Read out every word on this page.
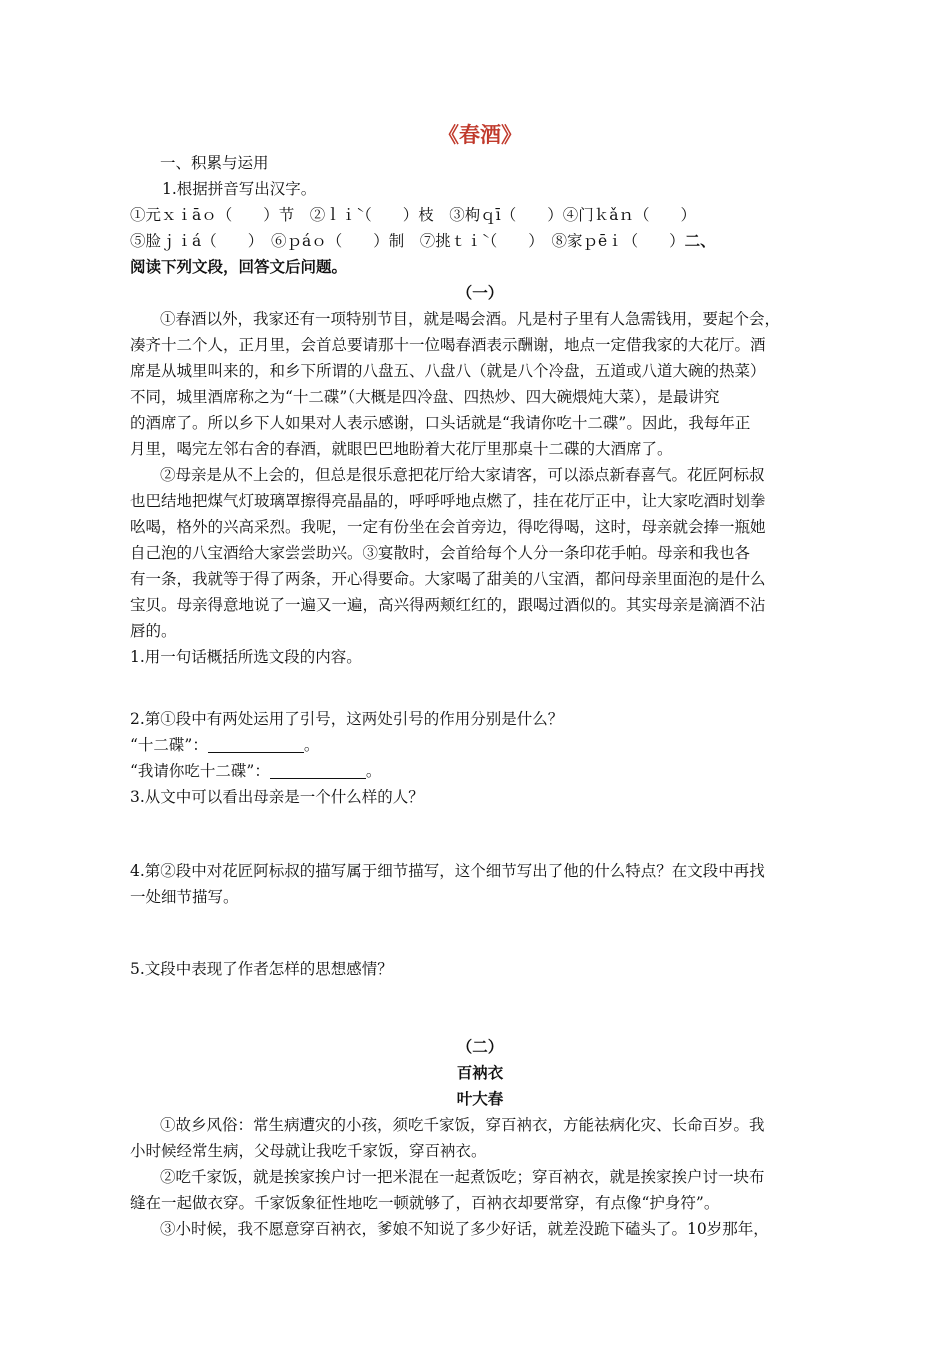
《春酒》
一、积累与运用
1.根据拼音写出汉字。
①元ｘｉāｏ（　　）节　②ｌｉ̀（　　）枝　③枸ｑī（　　）④门ｋǎｎ（　　）
⑤脸ｊｉá（　　）　⑥ｐáｏ（　　）制　⑦挑ｔｉ̀（　　）　⑧家ｐēｉ（　　）二、
阅读下列文段，回答文后问题。
（一）
①春酒以外，我家还有一项特别节目，就是喝会酒。凡是村子里有人急需钱用，要起个会，
凑齐十二个人，正月里，会首总要请那十一位喝春酒表示酬谢，地点一定借我家的大花厅。酒
席是从城里叫来的，和乡下所谓的八盘五、八盘八（就是八个冷盘，五道或八道大碗的热菜）
不同，城里酒席称之为“十二碟”（大概是四冷盘、四热炒、四大碗煨炖大菜），是最讲究
的酒席了。所以乡下人如果对人表示感谢，口头话就是“我请你吃十二碟”。因此，我每年正
月里，喝完左邻右舍的春酒，就眼巴巴地盼着大花厅里那桌十二碟的大酒席了。
②母亲是从不上会的，但总是很乐意把花厅给大家请客，可以添点新春喜气。花匠阿标叔
也巴结地把煤气灯玻璃罩擦得亮晶晶的，呼呼呼地点燃了，挂在花厅正中，让大家吃酒时划拳
吆喝，格外的兴高采烈。我呢，一定有份坐在会首旁边，得吃得喝，这时，母亲就会捧一瓶她
自己泡的八宝酒给大家尝尝助兴。③宴散时，会首给每个人分一条印花手帕。母亲和我也各
有一条，我就等于得了两条，开心得要命。大家喝了甜美的八宝酒，都问母亲里面泡的是什么
宝贝。母亲得意地说了一遍又一遍，高兴得两颊红红的，跟喝过酒似的。其实母亲是滴酒不沾
唇的。
1.用一句话概括所选文段的内容。
2.第①段中有两处运用了引号，这两处引号的作用分别是什么？
“十二碟”：	。
“我请你吃十二碟”：	。
3.从文中可以看出母亲是一个什么样的人？
4.第②段中对花匠阿标叔的描写属于细节描写，这个细节写出了他的什么特点？在文段中再找
一处细节描写。
5.文段中表现了作者怎样的思想感情？
（二）
百衲衣
叶大春
①故乡风俗：常生病遭灾的小孩，须吃千家饭，穿百衲衣，方能祛病化灾、长命百岁。我
小时候经常生病，父母就让我吃千家饭，穿百衲衣。
②吃千家饭，就是挨家挨户讨一把米混在一起煮饭吃；穿百衲衣，就是挨家挨户讨一块布
缝在一起做衣穿。千家饭象征性地吃一顿就够了，百衲衣却要常穿，有点像“护身符”。
③小时候，我不愿意穿百衲衣，爹娘不知说了多少好话，就差没跪下磕头了。10岁那年，
